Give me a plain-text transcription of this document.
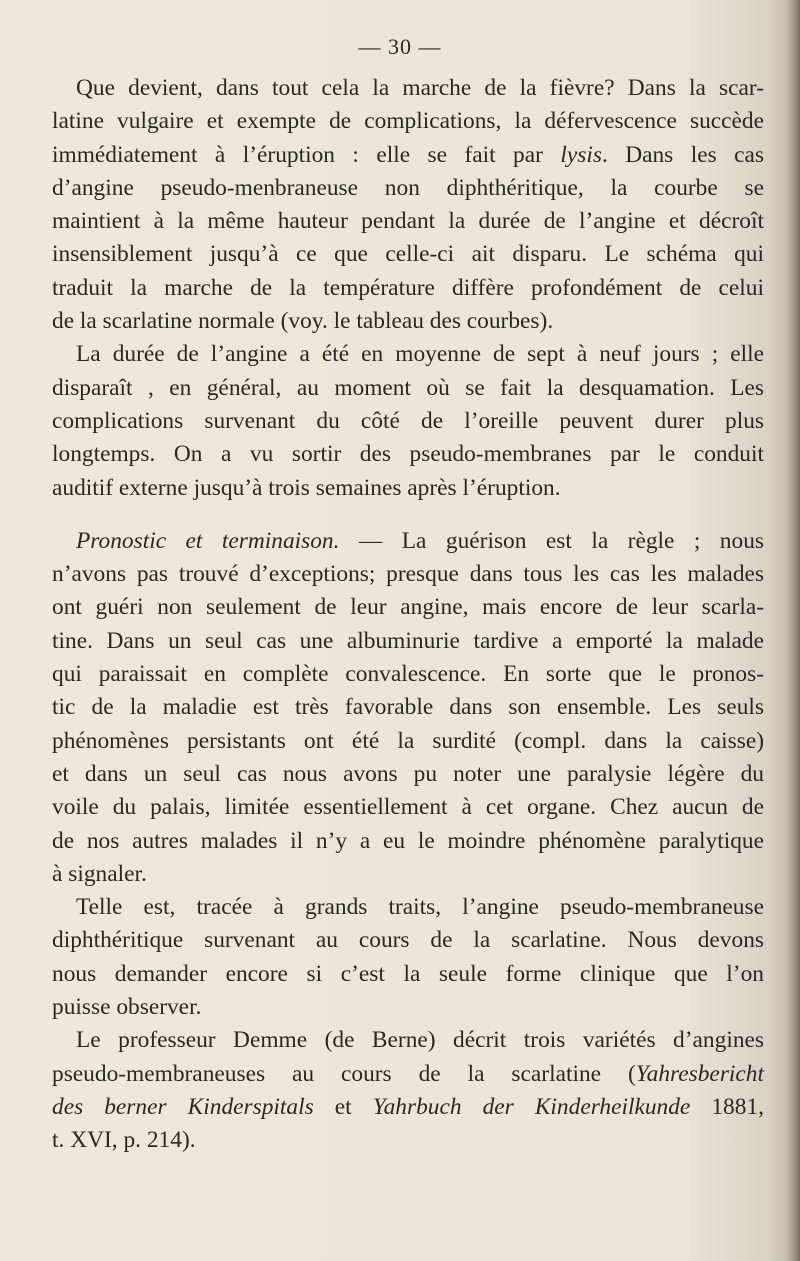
— 30 —
Que devient, dans tout cela la marche de la fièvre? Dans la scar-
latine vulgaire et exempte de complications, la défervescence succède
immédiatement à l’éruption : elle se fait par lysis. Dans les cas
d’angine pseudo-menbraneuse non diphthéritique, la courbe se
maintient à la même hauteur pendant la durée de l’angine et décroît
insensiblement jusqu’à ce que celle-ci ait disparu. Le schéma qui
traduit la marche de la température diffère profondément de celui
de la scarlatine normale (voy. le tableau des courbes).
La durée de l’angine a été en moyenne de sept à neuf jours ; elle
disparaît , en général, au moment où se fait la desquamation. Les
complications survenant du côté de l’oreille peuvent durer plus
longtemps. On a vu sortir des pseudo-membranes par le conduit
auditif externe jusqu’à trois semaines après l’éruption.
Pronostic et terminaison. — La guérison est la règle ; nous
n’avons pas trouvé d’exceptions; presque dans tous les cas les malades
ont guéri non seulement de leur angine, mais encore de leur scarla-
tine. Dans un seul cas une albuminurie tardive a emporté la malade
qui paraissait en complète convalescence. En sorte que le pronos-
tic de la maladie est très favorable dans son ensemble. Les seuls
phénomènes persistants ont été la surdité (compl. dans la caisse)
et dans un seul cas nous avons pu noter une paralysie légère du
voile du palais, limitée essentiellement à cet organe. Chez aucun de
de nos autres malades il n’y a eu le moindre phénomène paralytique
à signaler.
Telle est, tracée à grands traits, l’angine pseudo-membraneuse
diphthéritique survenant au cours de la scarlatine. Nous devons
nous demander encore si c’est la seule forme clinique que l’on
puisse observer.
Le professeur Demme (de Berne) décrit trois variétés d’angines
pseudo-membraneuses au cours de la scarlatine (Yahresbericht
des berner Kinderspitals et Yahrbuch der Kinderheilkunde 1881,
t. XVI, p. 214).
